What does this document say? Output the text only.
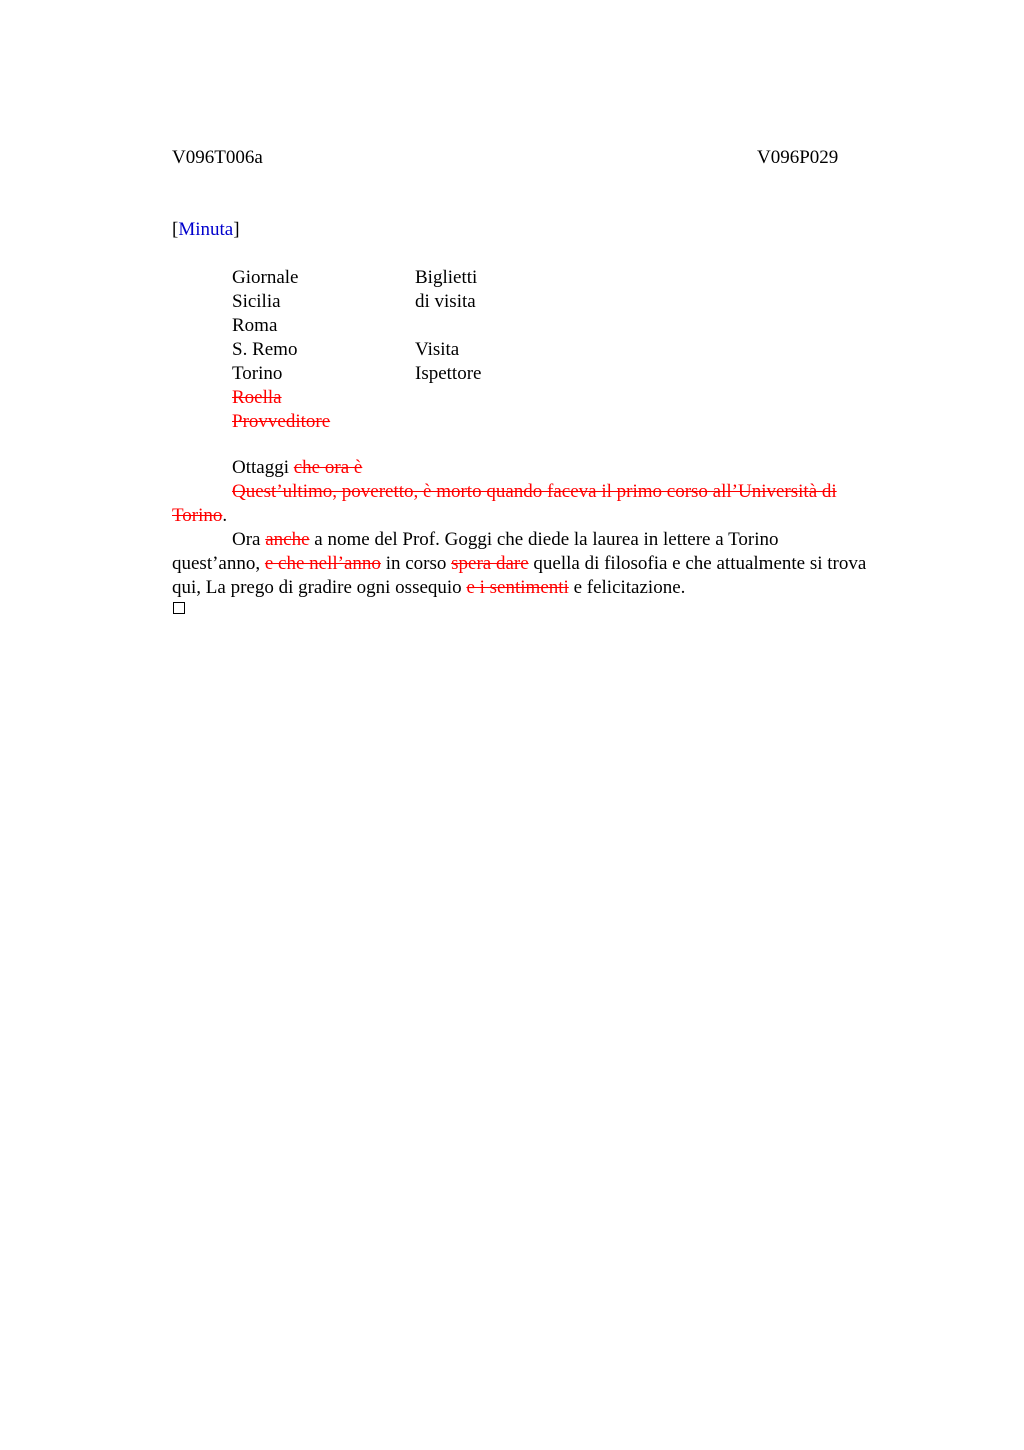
V096T006a	V096P029
[Minuta]
Giornale
Sicilia
Roma
S. Remo
Torino
Roella
Provveditore
Biglietti
di visita
Visita
Ispettore
Ottaggi che ora è
Quest’ultimo, poveretto, è morto quando faceva il primo corso all’Università di
Torino.
Ora anche a nome del Prof. Goggi che diede la laurea in lettere a Torino
quest’anno, e che nell’anno in corso spera dare quella di filosofia e che attualmente si trova
qui, La prego di gradire ogni ossequio e i sentimenti e felicitazione.
